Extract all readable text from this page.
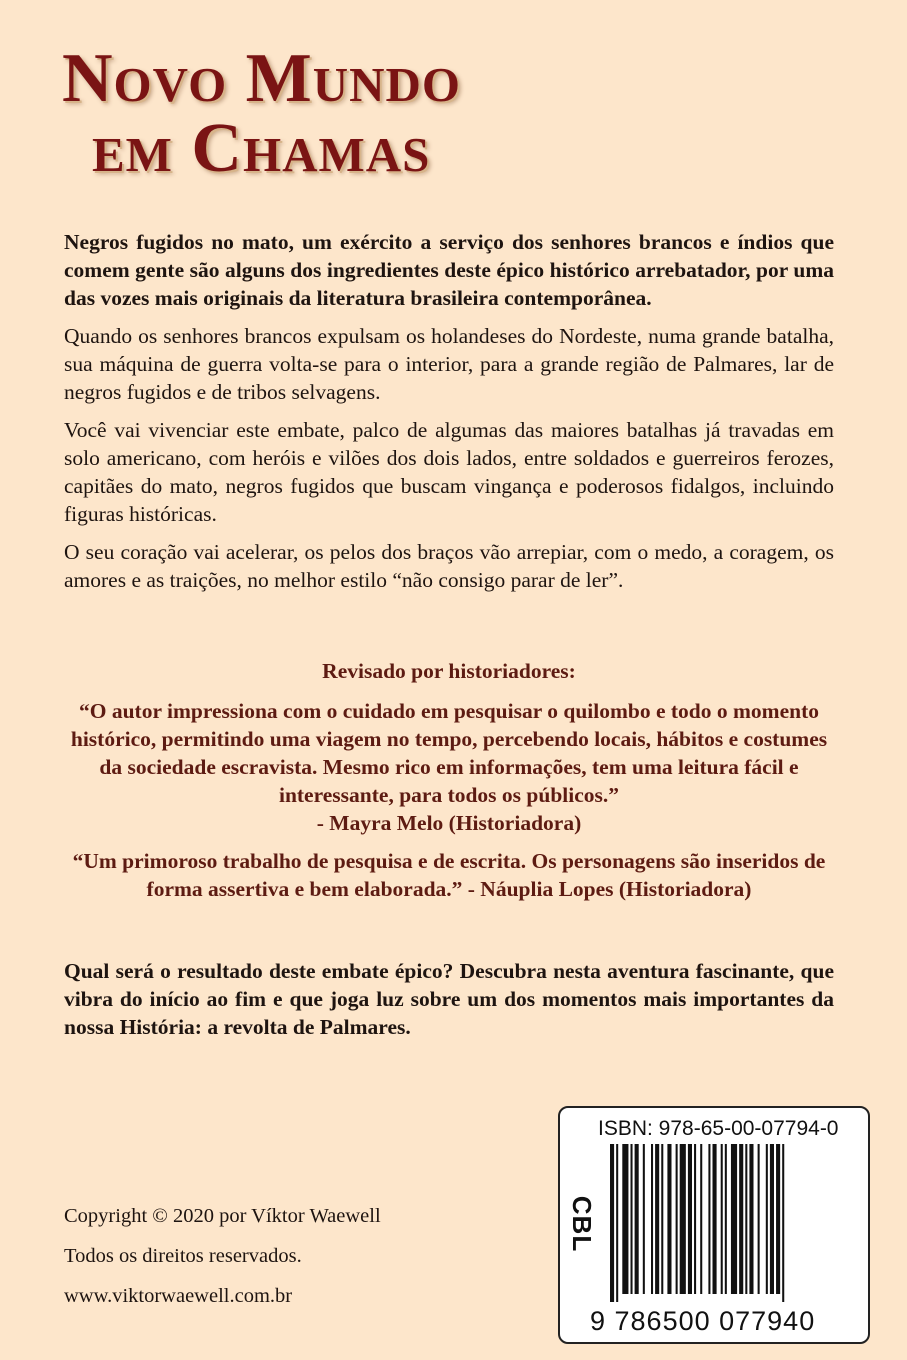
Novo Mundo
em Chamas

Negros fugidos no mato, um exército a serviço dos senhores brancos e índios que comem gente são alguns dos ingredientes deste épico histórico arrebatador, por uma das vozes mais originais da literatura brasileira contemporânea.

Quando os senhores brancos expulsam os holandeses do Nordeste, numa grande batalha, sua máquina de guerra volta-se para o interior, para a grande região de Palmares, lar de negros fugidos e de tribos selvagens.

Você vai vivenciar este embate, palco de algumas das maiores batalhas já travadas em solo americano, com heróis e vilões dos dois lados, entre soldados e guerreiros ferozes, capitães do mato, negros fugidos que buscam vingança e poderosos fidalgos, incluindo figuras históricas.

O seu coração vai acelerar, os pelos dos braços vão arrepiar, com o medo, a coragem, os amores e as traições, no melhor estilo “não consigo parar de ler”.

Revisado por historiadores:

“O autor impressiona com o cuidado em pesquisar o quilombo e todo o momento histórico, permitindo uma viagem no tempo, percebendo locais, hábitos e costumes da sociedade escravista. Mesmo rico em informações, tem uma leitura fácil e interessante, para todos os públicos.”
- Mayra Melo (Historiadora)

“Um primoroso trabalho de pesquisa e de escrita. Os personagens são inseridos de forma assertiva e bem elaborada.” - Náuplia Lopes (Historiadora)

Qual será o resultado deste embate épico? Descubra nesta aventura fascinante, que vibra do início ao fim e que joga luz sobre um dos momentos mais importantes da nossa História: a revolta de Palmares.

Copyright © 2020 por Víktor Waewell
Todos os direitos reservados.
www.viktorwaewell.com.br
ISBN: 978-65-00-07794-0
CBL
9 786500 077940
